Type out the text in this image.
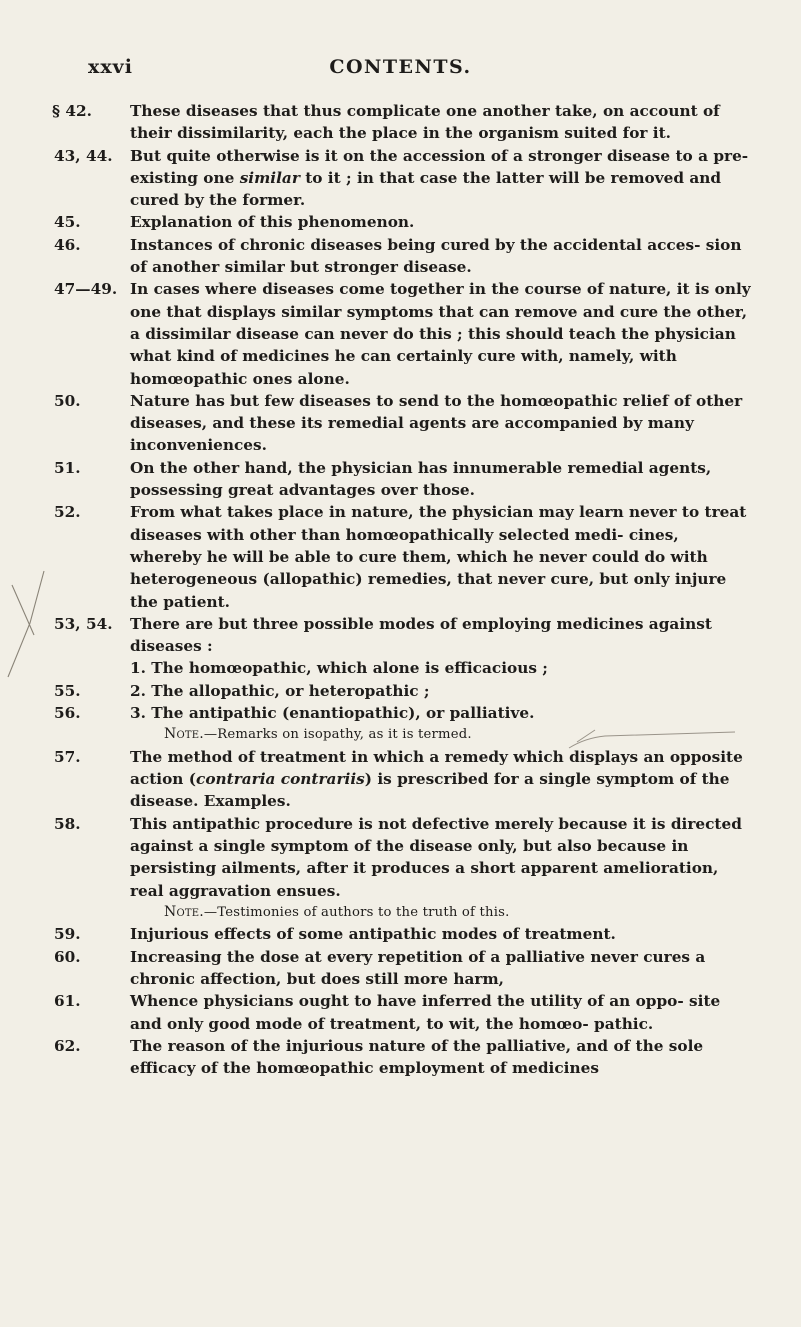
xxvi	CONTENTS.
§ 42.	These diseases that thus complicate one another take, on account of their dissimilarity, each the place in the organism suited for it.
43, 44.	But quite otherwise is it on the accession of a stronger disease to a pre-existing one similar to it ; in that case the latter will be removed and cured by the former.
45.	Explanation of this phenomenon.
46.	Instances of chronic diseases being cured by the accidental acces- sion of another similar but stronger disease.
47—49. In cases where diseases come together in the course of nature, it is only one that displays similar symptoms that can remove and cure the other, a dissimilar disease can never do this ; this should teach the physician what kind of medicines he can certainly cure with, namely, with homœopathic ones alone.
50.	Nature has but few diseases to send to the homœopathic relief of other diseases, and these its remedial agents are accompanied by many inconveniences.
51.	On the other hand, the physician has innumerable remedial agents, possessing great advantages over those.
52.	From what takes place in nature, the physician may learn never to treat diseases with other than homœopathically selected medi- cines, whereby he will be able to cure them, which he never could do with heterogeneous (allopathic) remedies, that never cure, but only injure the patient.
53, 54.	There are but three possible modes of employing medicines against diseases :
1. The homœopathic, which alone is efficacious ;
55.	2. The allopathic, or heteropathic ;
56.	3. The antipathic (enantiopathic), or palliative.
Note.—Remarks on isopathy, as it is termed.
57.	The method of treatment in which a remedy which displays an opposite action (contraria contrariis) is prescribed for a single symptom of the disease. Examples.
58.	This antipathic procedure is not defective merely because it is directed against a single symptom of the disease only, but also because in persisting ailments, after it produces a short apparent amelioration, real aggravation ensues.
Note.—Testimonies of authors to the truth of this.
59.	Injurious effects of some antipathic modes of treatment.
60.	Increasing the dose at every repetition of a palliative never cures a chronic affection, but does still more harm,
61.	Whence physicians ought to have inferred the utility of an oppo- site and only good mode of treatment, to wit, the homœo- pathic.
62.	The reason of the injurious nature of the palliative, and of the sole efficacy of the homœopathic employment of medicines
